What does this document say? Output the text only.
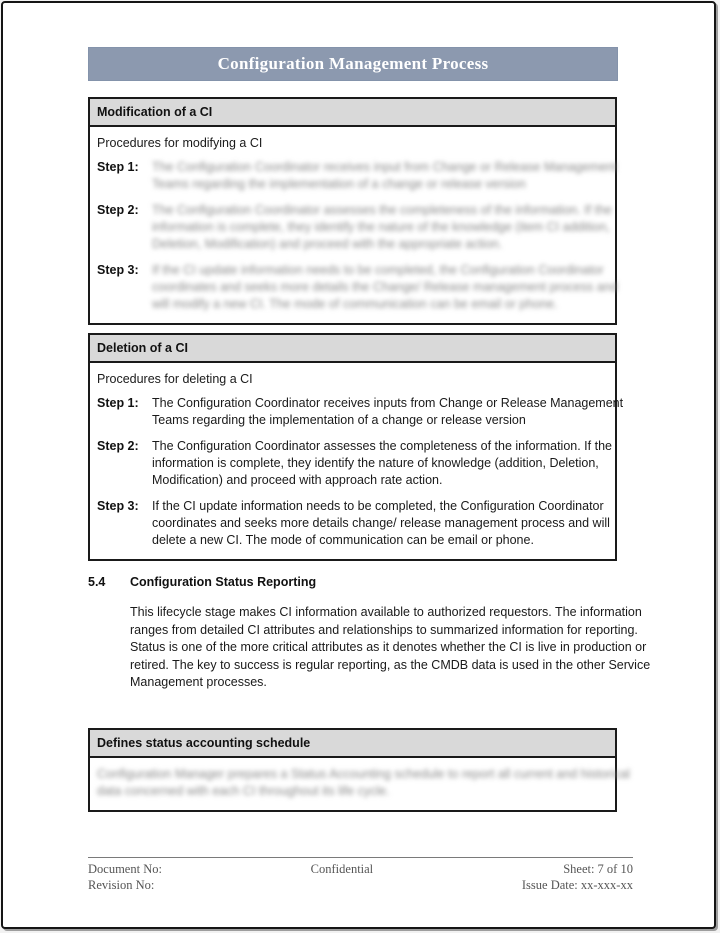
Configuration Management Process
Modification of a CI
Procedures for modifying a CI
Step 1:	The Configuration Coordinator receives input from Change or Release Management
Teams regarding the implementation of a change or release version
Step 2:	The Configuration Coordinator assesses the completeness of the information. If the
information is complete, they identify the nature of the knowledge (item CI addition,
Deletion, Modification) and proceed with the appropriate action.
Step 3:	If the CI update information needs to be completed, the Configuration Coordinator
coordinates and seeks more details the Change/ Release management process and
will modify a new CI. The mode of communication can be email or phone.
Deletion of a CI
Procedures for deleting a CI
Step 1:	The Configuration Coordinator receives inputs from Change or Release Management
Teams regarding the implementation of a change or release version
Step 2:	The Configuration Coordinator assesses the completeness of the information. If the
information is complete, they identify the nature of knowledge (addition, Deletion,
Modification) and proceed with approach rate action.
Step 3:	If the CI update information needs to be completed, the Configuration Coordinator
coordinates and seeks more details change/ release management process and will
delete a new CI. The mode of communication can be email or phone.
5.4	Configuration Status Reporting
This lifecycle stage makes CI information available to authorized requestors. The information
ranges from detailed CI attributes and relationships to summarized information for reporting.
Status is one of the more critical attributes as it denotes whether the CI is live in production or
retired. The key to success is regular reporting, as the CMDB data is used in the other Service
Management processes.
Defines status accounting schedule
Configuration Manager prepares a Status Accounting schedule to report all current and historical
data concerned with each CI throughout its life cycle.
Document No:
Revision No:
Confidential	Sheet: 7 of 10
Issue Date: xx-xxx-xx
